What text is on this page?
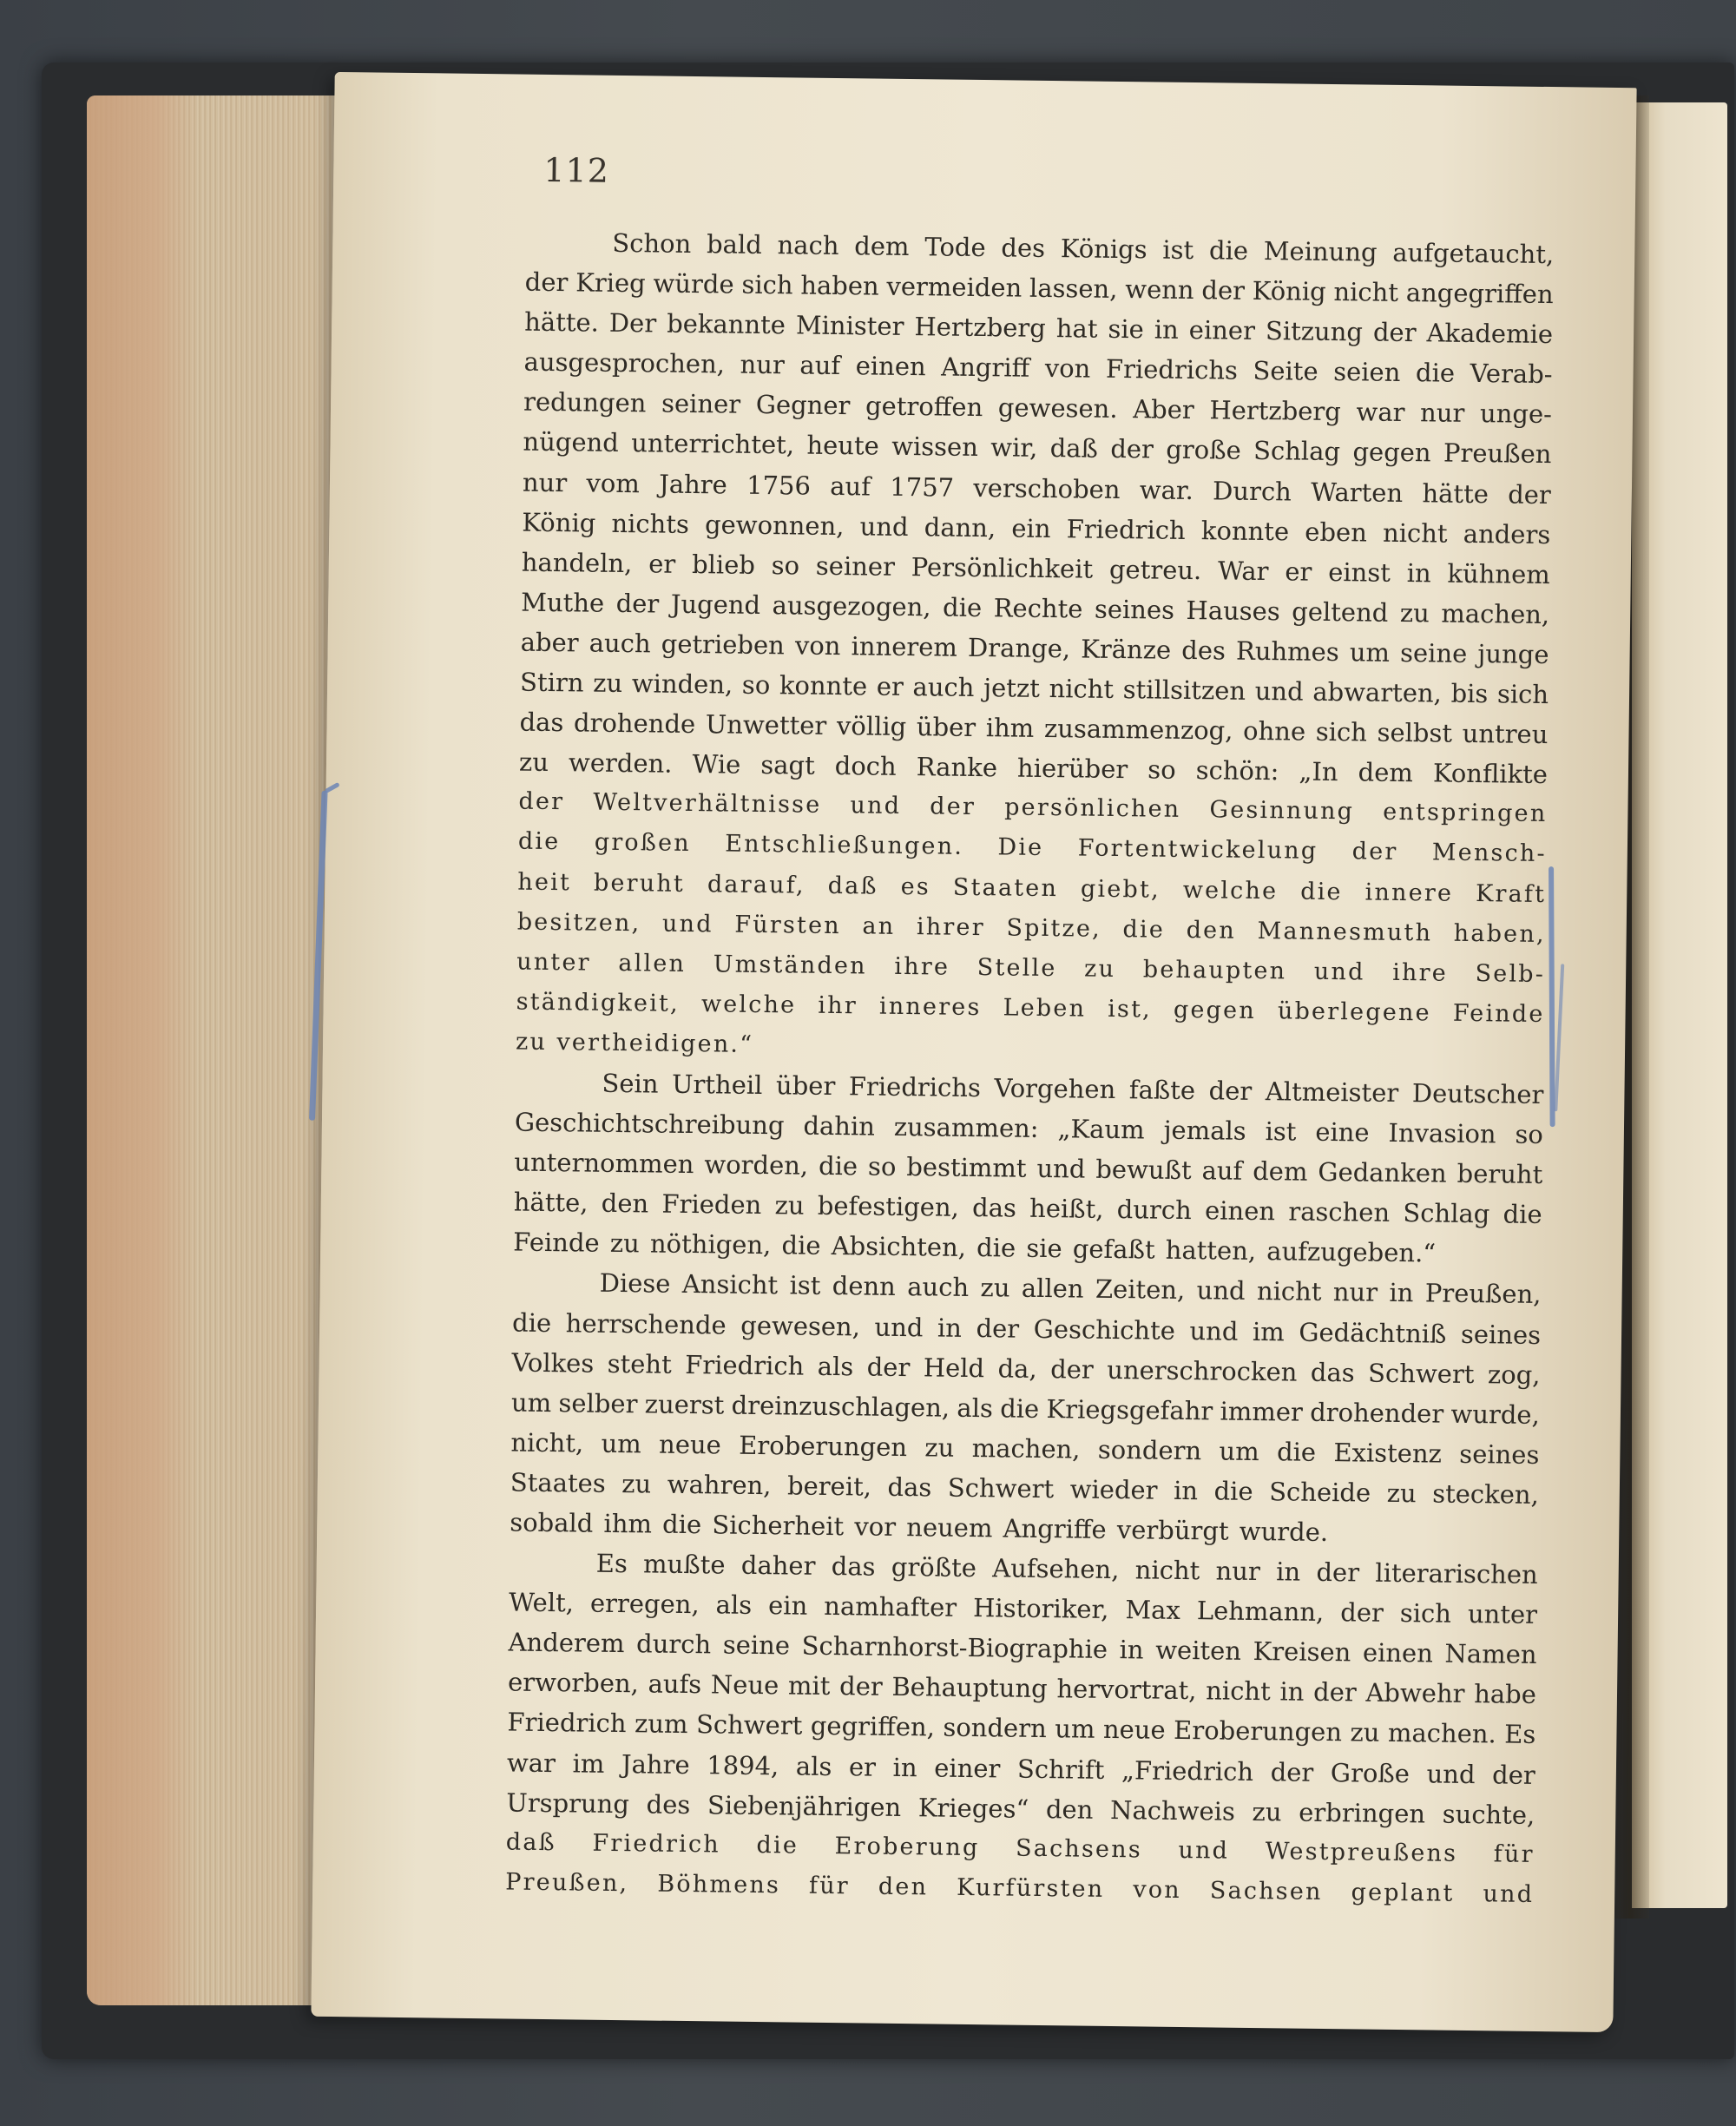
112
Schon bald nach dem Tode des Königs ist die Meinung aufgetaucht,
der Krieg würde sich haben vermeiden lassen, wenn der König nicht angegriffen
hätte. Der bekannte Minister Hertzberg hat sie in einer Sitzung der Akademie
ausgesprochen, nur auf einen Angriff von Friedrichs Seite seien die Verab-
redungen seiner Gegner getroffen gewesen. Aber Hertzberg war nur unge-
nügend unterrichtet, heute wissen wir, daß der große Schlag gegen Preußen
nur vom Jahre 1756 auf 1757 verschoben war. Durch Warten hätte der
König nichts gewonnen, und dann, ein Friedrich konnte eben nicht anders
handeln, er blieb so seiner Persönlichkeit getreu. War er einst in kühnem
Muthe der Jugend ausgezogen, die Rechte seines Hauses geltend zu machen,
aber auch getrieben von innerem Drange, Kränze des Ruhmes um seine junge
Stirn zu winden, so konnte er auch jetzt nicht stillsitzen und abwarten, bis sich
das drohende Unwetter völlig über ihm zusammenzog, ohne sich selbst untreu
zu werden. Wie sagt doch Ranke hierüber so schön: „In dem Konflikte
der Weltverhältnisse und der persönlichen Gesinnung entspringen
die großen Entschließungen. Die Fortentwickelung der Mensch-
heit beruht darauf, daß es Staaten giebt, welche die innere Kraft
besitzen, und Fürsten an ihrer Spitze, die den Mannesmuth haben,
unter allen Umständen ihre Stelle zu behaupten und ihre Selb-
ständigkeit, welche ihr inneres Leben ist, gegen überlegene Feinde
zu vertheidigen.“
Sein Urtheil über Friedrichs Vorgehen faßte der Altmeister Deutscher
Geschichtschreibung dahin zusammen: „Kaum jemals ist eine Invasion so
unternommen worden, die so bestimmt und bewußt auf dem Gedanken beruht
hätte, den Frieden zu befestigen, das heißt, durch einen raschen Schlag die
Feinde zu nöthigen, die Absichten, die sie gefaßt hatten, aufzugeben.“
Diese Ansicht ist denn auch zu allen Zeiten, und nicht nur in Preußen,
die herrschende gewesen, und in der Geschichte und im Gedächtniß seines
Volkes steht Friedrich als der Held da, der unerschrocken das Schwert zog,
um selber zuerst dreinzuschlagen, als die Kriegsgefahr immer drohender wurde,
nicht, um neue Eroberungen zu machen, sondern um die Existenz seines
Staates zu wahren, bereit, das Schwert wieder in die Scheide zu stecken,
sobald ihm die Sicherheit vor neuem Angriffe verbürgt wurde.
Es mußte daher das größte Aufsehen, nicht nur in der literarischen
Welt, erregen, als ein namhafter Historiker, Max Lehmann, der sich unter
Anderem durch seine Scharnhorst-Biographie in weiten Kreisen einen Namen
erworben, aufs Neue mit der Behauptung hervortrat, nicht in der Abwehr habe
Friedrich zum Schwert gegriffen, sondern um neue Eroberungen zu machen. Es
war im Jahre 1894, als er in einer Schrift „Friedrich der Große und der
Ursprung des Siebenjährigen Krieges“ den Nachweis zu erbringen suchte,
daß Friedrich die Eroberung Sachsens und Westpreußens für
Preußen, Böhmens für den Kurfürsten von Sachsen geplant und
